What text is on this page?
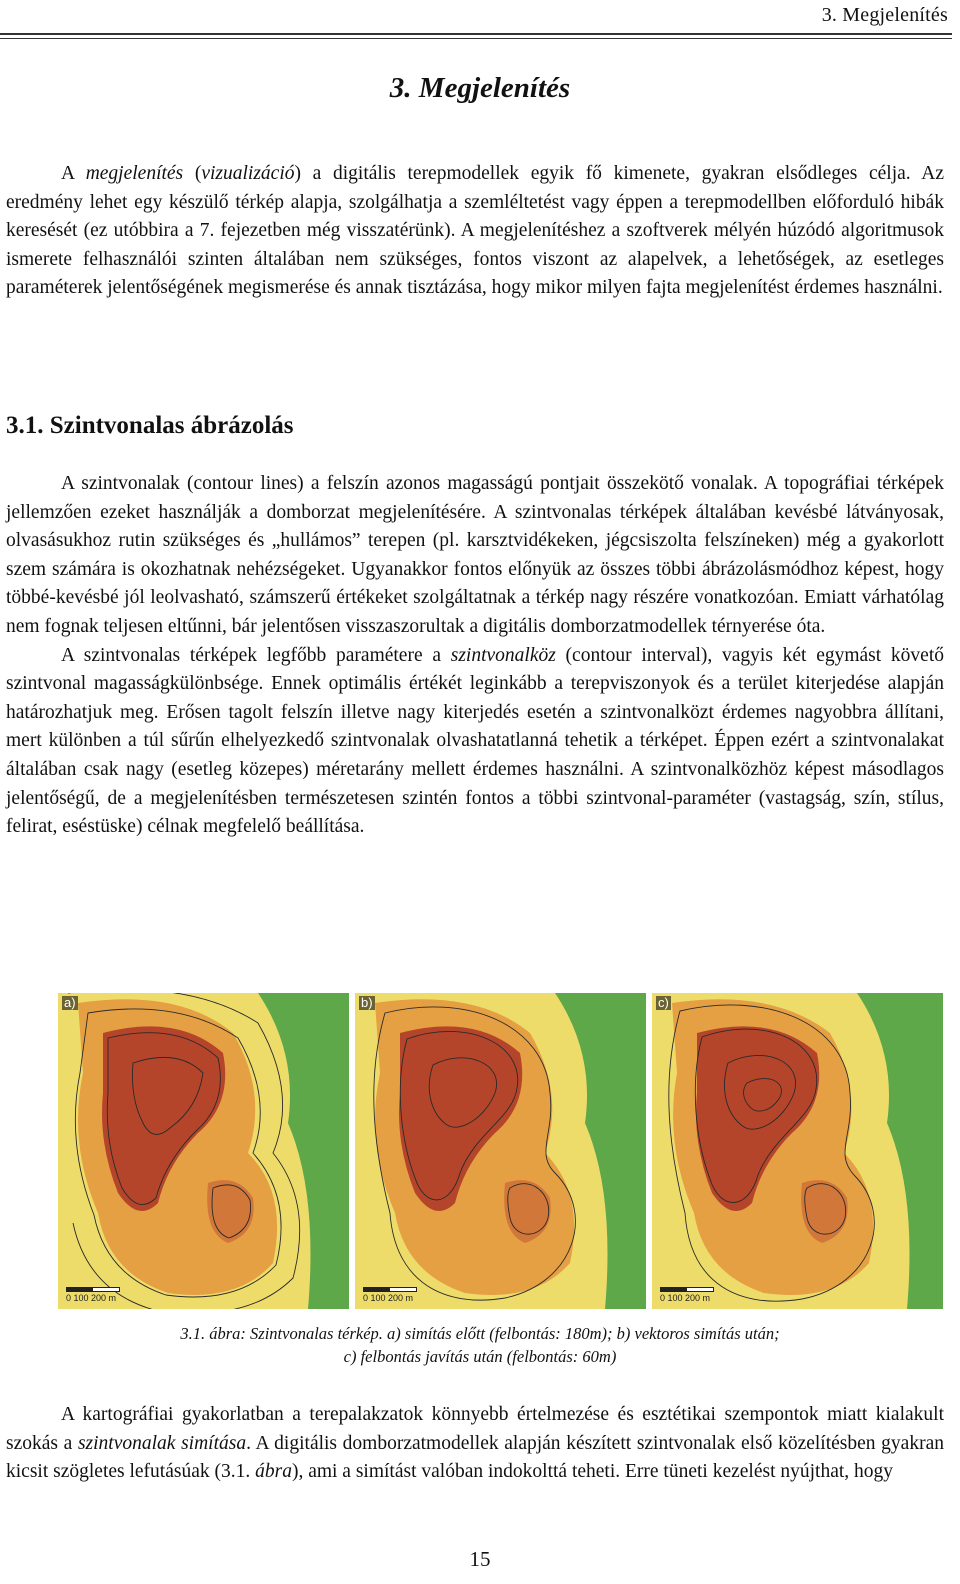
3. Megjelenítés
3. Megjelenítés

A megjelenítés (vizualizáció) a digitális terepmodellek egyik fő kimenete, gyakran elsődleges célja. Az eredmény lehet egy készülő térkép alapja, szolgálhatja a szemléltetést vagy éppen a terepmodellben előforduló hibák keresését (ez utóbbira a 7. fejezetben még visszatérünk). A megjelenítéshez a szoftverek mélyén húzódó algoritmusok ismerete felhasználói szinten általában nem szükséges, fontos viszont az alapelvek, a lehetőségek, az esetleges paraméterek jelentőségének megismerése és annak tisztázása, hogy mikor milyen fajta megjelenítést érdemes használni.

3.1. Szintvonalas ábrázolás

A szintvonalak (contour lines) a felszín azonos magasságú pontjait összekötő vonalak. A topográfiai térképek jellemzően ezeket használják a domborzat megjelenítésére. A szintvonalas térképek általában kevésbé látványosak, olvasásukhoz rutin szükséges és „hullámos” terepen (pl. karsztvidékeken, jégcsiszolta felszíneken) még a gyakorlott szem számára is okozhatnak nehézségeket. Ugyanakkor fontos előnyük az összes többi ábrázolásmódhoz képest, hogy többé-kevésbé jól leolvasható, számszerű értékeket szolgáltatnak a térkép nagy részére vonatkozóan. Emiatt várhatólag nem fognak teljesen eltűnni, bár jelentősen visszaszorultak a digitális domborzatmodellek térnyerése óta.

A szintvonalas térképek legfőbb paramétere a szintvonalköz (contour interval), vagyis két egymást követő szintvonal magasságkülönbsége. Ennek optimális értékét leginkább a terepviszonyok és a terület kiterjedése alapján határozhatjuk meg. Erősen tagolt felszín illetve nagy kiterjedés esetén a szintvonalközt érdemes nagyobbra állítani, mert különben a túl sűrűn elhelyezkedő szintvonalak olvashatatlanná tehetik a térképet. Éppen ezért a szintvonalakat általában csak nagy (esetleg közepes) méretarány mellett érdemes használni. A szintvonalközhöz képest másodlagos jelentőségű, de a megjelenítésben természetesen szintén fontos a többi szintvonal-paraméter (vastagság, szín, stílus, felirat, eséstüske) célnak megfelelő beállítása.

a)
0 100 200 m
b)
0 100 200 m
c)
0 100 200 m
3.1. ábra: Szintvonalas térkép. a) simítás előtt (felbontás: 180m); b) vektoros simítás után;
c) felbontás javítás után (felbontás: 60m)

A kartográfiai gyakorlatban a terepalakzatok könnyebb értelmezése és esztétikai szempontok miatt kialakult szokás a szintvonalak simítása. A digitális domborzatmodellek alapján készített szintvonalak első közelítésben gyakran kicsit szögletes lefutásúak (3.1. ábra), ami a simítást valóban indokolttá teheti. Erre tüneti kezelést nyújthat, hogy

15
